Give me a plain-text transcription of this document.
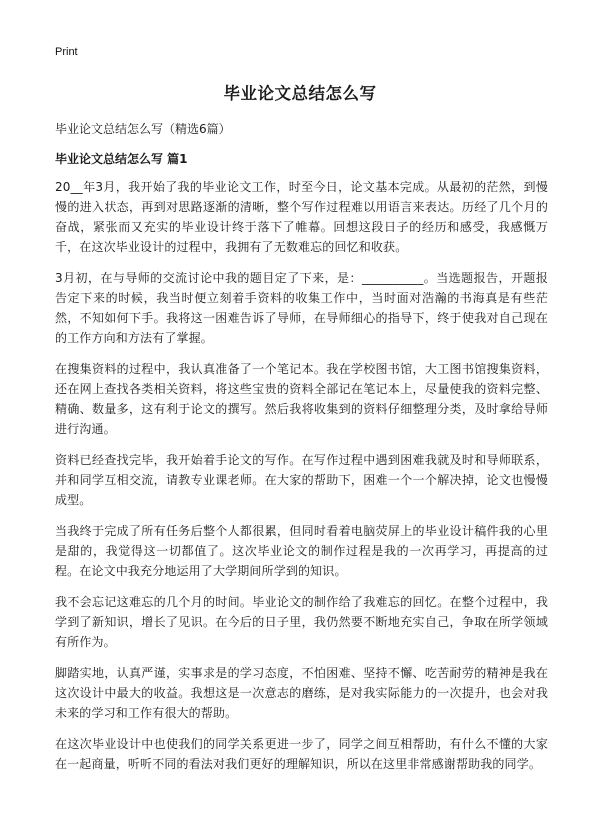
Print
毕业论文总结怎么写
毕业论文总结怎么写（精选6篇）
毕业论文总结怎么写 篇1

20__年3月，我开始了我的毕业论文工作，时至今日，论文基本完成。从最初的茫然，到慢慢的进入状态，再到对思路逐渐的清晰，整个写作过程难以用语言来表达。历经了几个月的奋战，紧张而又充实的毕业设计终于落下了帷幕。回想这段日子的经历和感受，我感慨万千，在这次毕业设计的过程中，我拥有了无数难忘的回忆和收获。

3月初，在与导师的交流讨论中我的题目定了下来，是：__________。当选题报告，开题报告定下来的时候，我当时便立刻着手资料的收集工作中，当时面对浩瀚的书海真是有些茫然，不知如何下手。我将这一困难告诉了导师，在导师细心的指导下，终于使我对自己现在的工作方向和方法有了掌握。

在搜集资料的过程中，我认真准备了一个笔记本。我在学校图书馆，大工图书馆搜集资料，还在网上查找各类相关资料，将这些宝贵的资料全部记在笔记本上，尽量使我的资料完整、精确、数量多，这有利于论文的撰写。然后我将收集到的资料仔细整理分类，及时拿给导师进行沟通。

资料已经查找完毕，我开始着手论文的写作。在写作过程中遇到困难我就及时和导师联系，并和同学互相交流，请教专业课老师。在大家的帮助下，困难一个一个解决掉，论文也慢慢成型。

当我终于完成了所有任务后整个人都很累，但同时看着电脑荧屏上的毕业设计稿件我的心里是甜的，我觉得这一切都值了。这次毕业论文的制作过程是我的一次再学习，再提高的过程。在论文中我充分地运用了大学期间所学到的知识。

我不会忘记这难忘的几个月的时间。毕业论文的制作给了我难忘的回忆。在整个过程中，我学到了新知识，增长了见识。在今后的日子里，我仍然要不断地充实自己，争取在所学领域有所作为。

脚踏实地，认真严谨，实事求是的学习态度，不怕困难、坚持不懈、吃苦耐劳的精神是我在这次设计中最大的收益。我想这是一次意志的磨练，是对我实际能力的一次提升，也会对我未来的学习和工作有很大的帮助。

在这次毕业设计中也使我们的同学关系更进一步了，同学之间互相帮助，有什么不懂的大家在一起商量，听听不同的看法对我们更好的理解知识，所以在这里非常感谢帮助我的同学。
